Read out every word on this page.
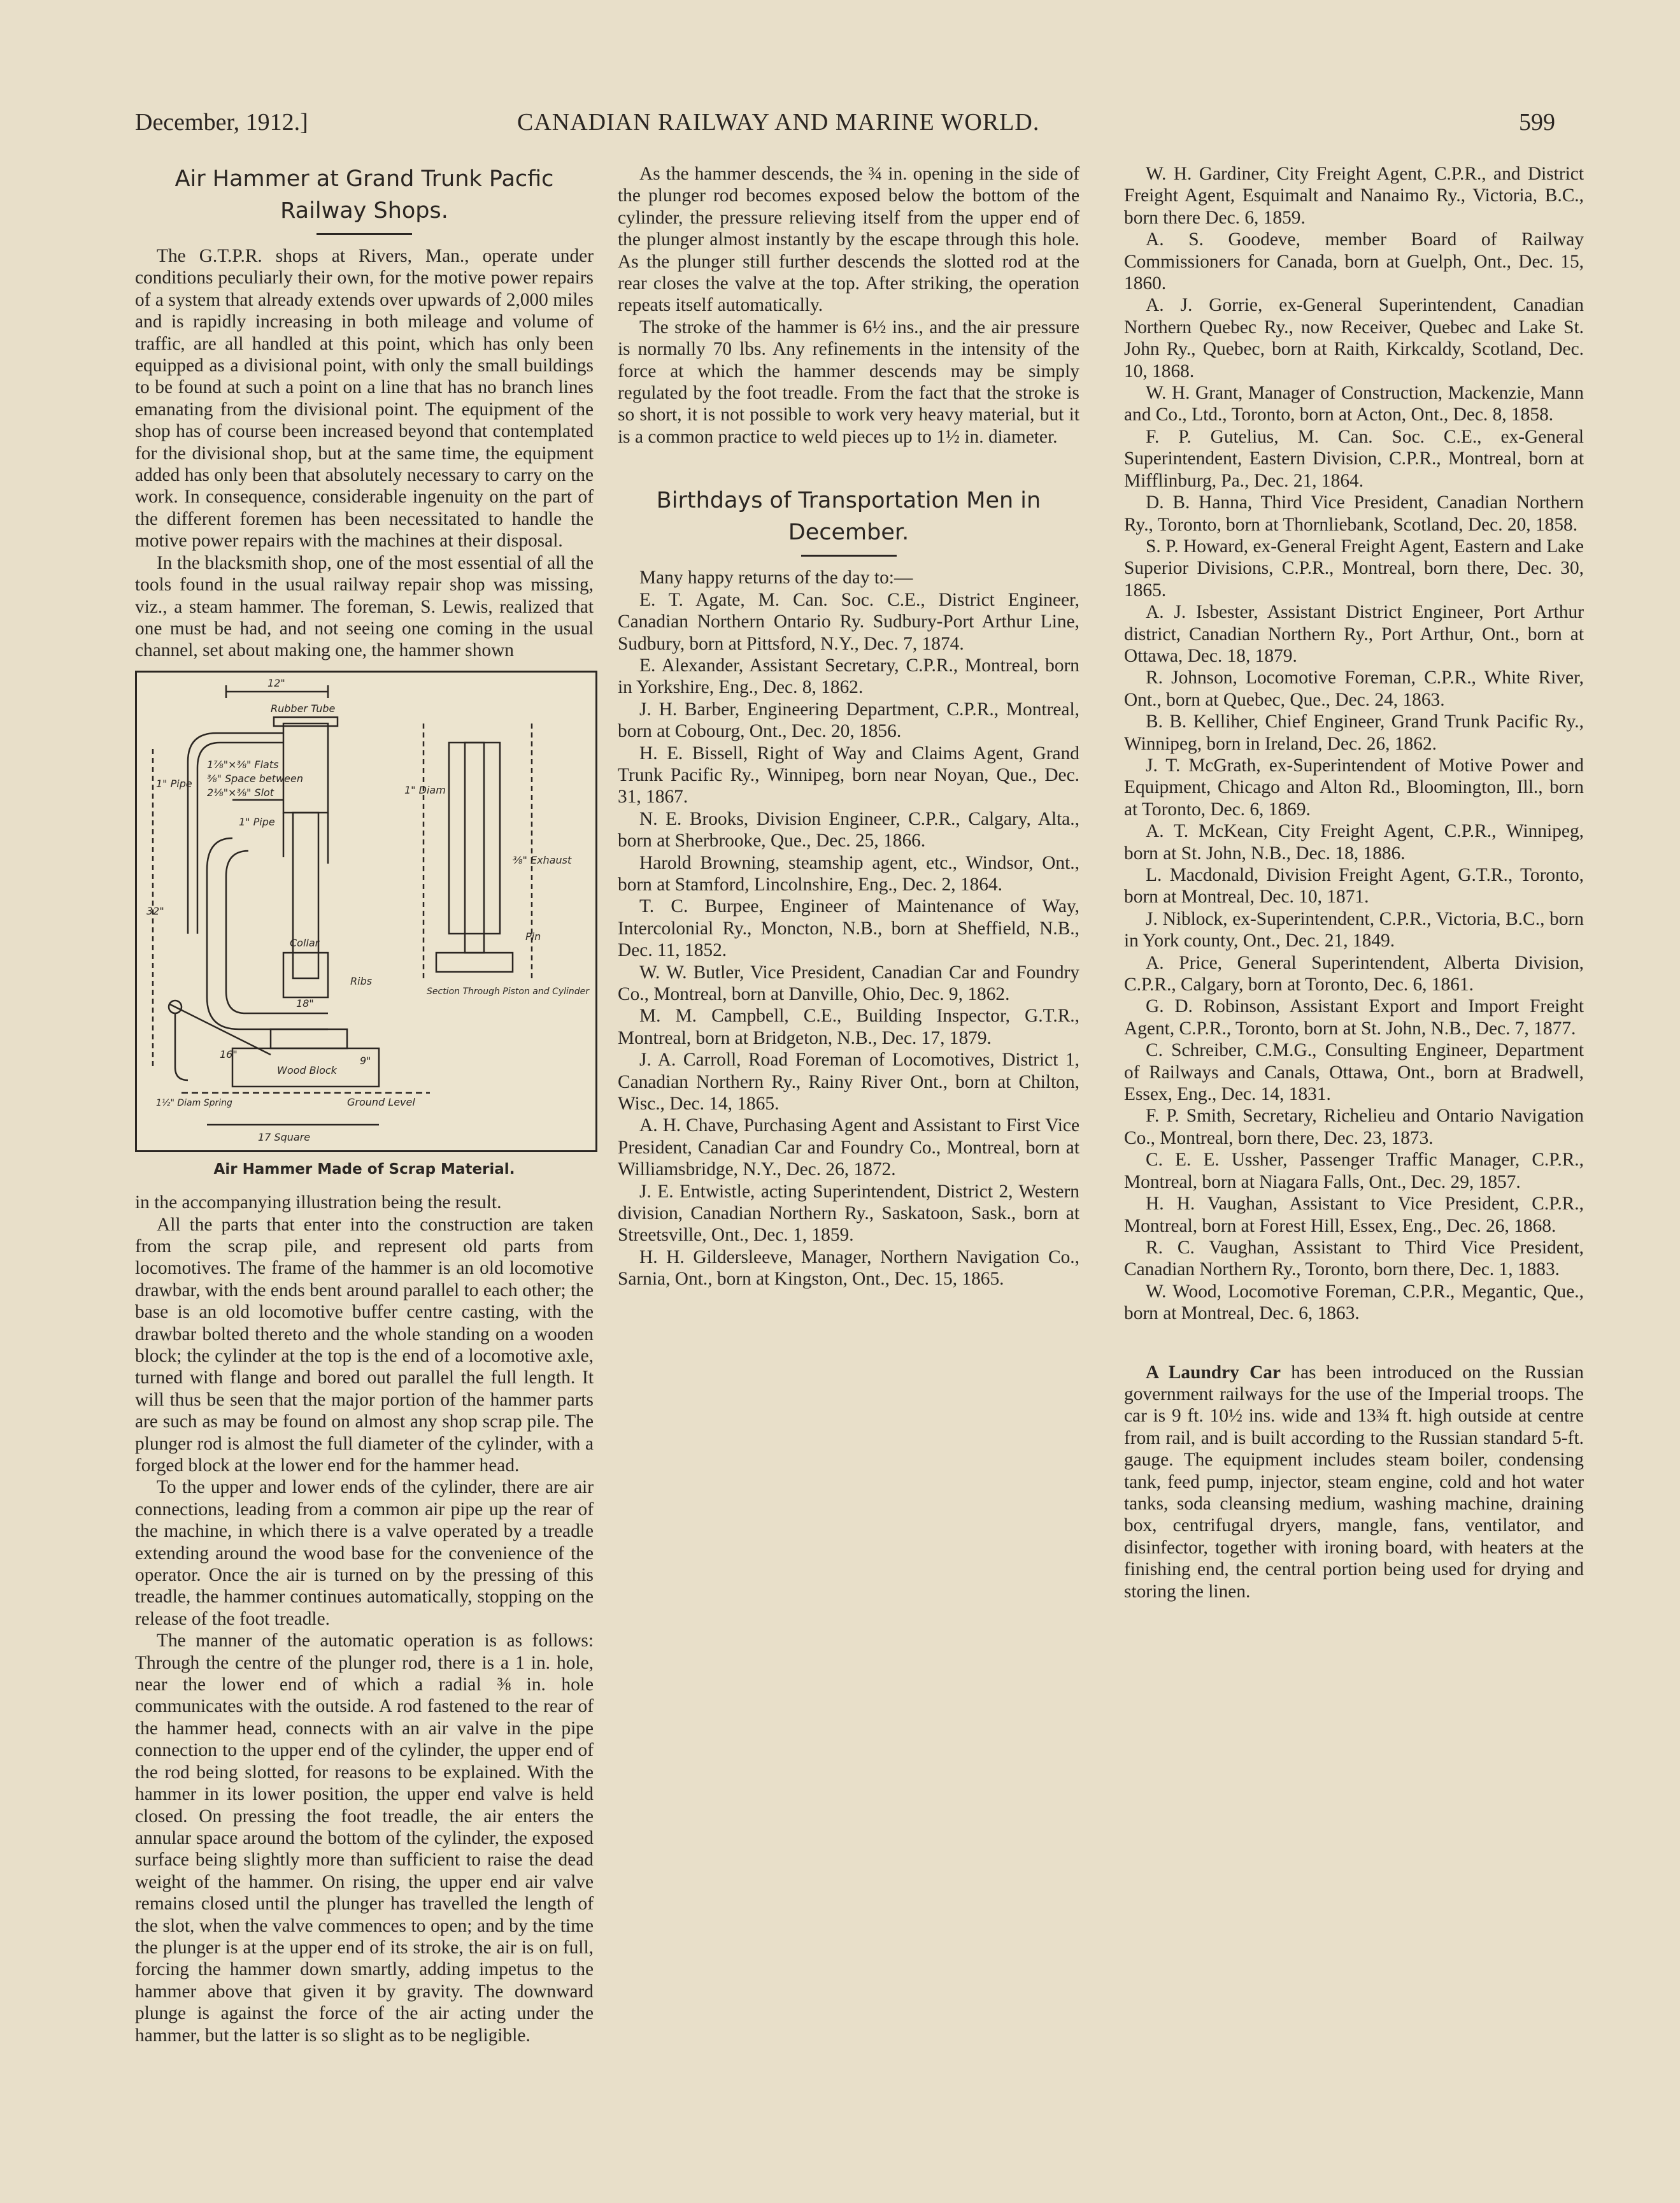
December, 1912.]	CANADIAN RAILWAY AND MARINE WORLD.	599
Air Hammer at Grand Trunk Pacfic
Railway Shops.

The G.T.P.R. shops at Rivers, Man., operate under conditions peculiarly their own, for the motive power repairs of a system that already extends over upwards of 2,000 miles and is rapidly increasing in both mileage and volume of traffic, are all handled at this point, which has only been equipped as a divisional point, with only the small buildings to be found at such a point on a line that has no branch lines emanating from the divisional point. The equipment of the shop has of course been increased beyond that contemplated for the divisional shop, but at the same time, the equipment added has only been that absolutely necessary to carry on the work. In consequence, considerable ingenuity on the part of the different foremen has been necessitated to handle the motive power repairs with the machines at their disposal.

In the blacksmith shop, one of the most essential of all the tools found in the usual railway repair shop was missing, viz., a steam hammer. The foreman, S. Lewis, realized that one must be had, and not seeing one coming in the usual channel, set about making one, the hammer shown

12"
Rubber Tube
1⅞"×⅜" Flats
⅜" Space between
2⅛"×⅜" Slot
1" Pipe
1" Pipe
1" Diam
⅜" Exhaust
Pin
Collar
Ribs
Section Through Piston and Cylinder
1½" Diam Spring
Wood Block
Ground Level
17 Square
18"
32"
9"
16"
Air Hammer Made of Scrap Material.

in the accompanying illustration being the result.

All the parts that enter into the construction are taken from the scrap pile, and represent old parts from locomotives. The frame of the hammer is an old locomotive drawbar, with the ends bent around parallel to each other; the base is an old locomotive buffer centre casting, with the drawbar bolted thereto and the whole standing on a wooden block; the cylinder at the top is the end of a locomotive axle, turned with flange and bored out parallel the full length. It will thus be seen that the major portion of the hammer parts are such as may be found on almost any shop scrap pile. The plunger rod is almost the full diameter of the cylinder, with a forged block at the lower end for the hammer head.

To the upper and lower ends of the cylinder, there are air connections, leading from a common air pipe up the rear of the machine, in which there is a valve operated by a treadle extending around the wood base for the convenience of the operator. Once the air is turned on by the pressing of this treadle, the hammer continues automatically, stopping on the release of the foot treadle.

The manner of the automatic operation is as follows: Through the centre of the plunger rod, there is a 1 in. hole, near the lower end of which a radial ⅜ in. hole communicates with the outside. A rod fastened to the rear of the hammer head, connects with an air valve in the pipe connection to the upper end of the cylinder, the upper end of the rod being slotted, for reasons to be explained. With the hammer in its lower position, the upper end valve is held closed. On pressing the foot treadle, the air enters the annular space around the bottom of the cylinder, the exposed surface being slightly more than sufficient to raise the dead weight of the hammer. On rising, the upper end air valve remains closed until the plunger has travelled the length of the slot, when the valve commences to open; and by the time the plunger is at the upper end of its stroke, the air is on full, forcing the hammer down smartly, adding impetus to the hammer above that given it by gravity. The downward plunge is against the force of the air acting under the hammer, but the latter is so slight as to be negligible.

As the hammer descends, the ¾ in. opening in the side of the plunger rod becomes exposed below the bottom of the cylinder, the pressure relieving itself from the upper end of the plunger almost instantly by the escape through this hole. As the plunger still further descends the slotted rod at the rear closes the valve at the top. After striking, the operation repeats itself automatically.

The stroke of the hammer is 6½ ins., and the air pressure is normally 70 lbs. Any refinements in the intensity of the force at which the hammer descends may be simply regulated by the foot treadle. From the fact that the stroke is so short, it is not possible to work very heavy material, but it is a common practice to weld pieces up to 1½ in. diameter.

Birthdays of Transportation Men in
December.

Many happy returns of the day to:—

E. T. Agate, M. Can. Soc. C.E., District Engineer, Canadian Northern Ontario Ry. Sudbury-Port Arthur Line, Sudbury, born at Pittsford, N.Y., Dec. 7, 1874.

E. Alexander, Assistant Secretary, C.P.R., Montreal, born in Yorkshire, Eng., Dec. 8, 1862.

J. H. Barber, Engineering Department, C.P.R., Montreal, born at Cobourg, Ont., Dec. 20, 1856.

H. E. Bissell, Right of Way and Claims Agent, Grand Trunk Pacific Ry., Winnipeg, born near Noyan, Que., Dec. 31, 1867.

N. E. Brooks, Division Engineer, C.P.R., Calgary, Alta., born at Sherbrooke, Que., Dec. 25, 1866.

Harold Browning, steamship agent, etc., Windsor, Ont., born at Stamford, Lincolnshire, Eng., Dec. 2, 1864.

T. C. Burpee, Engineer of Maintenance of Way, Intercolonial Ry., Moncton, N.B., born at Sheffield, N.B., Dec. 11, 1852.

W. W. Butler, Vice President, Canadian Car and Foundry Co., Montreal, born at Danville, Ohio, Dec. 9, 1862.

M. M. Campbell, C.E., Building Inspector, G.T.R., Montreal, born at Bridgeton, N.B., Dec. 17, 1879.

J. A. Carroll, Road Foreman of Locomotives, District 1, Canadian Northern Ry., Rainy River Ont., born at Chilton, Wisc., Dec. 14, 1865.

A. H. Chave, Purchasing Agent and Assistant to First Vice President, Canadian Car and Foundry Co., Montreal, born at Williamsbridge, N.Y., Dec. 26, 1872.

J. E. Entwistle, acting Superintendent, District 2, Western division, Canadian Northern Ry., Saskatoon, Sask., born at Streetsville, Ont., Dec. 1, 1859.

H. H. Gildersleeve, Manager, Northern Navigation Co., Sarnia, Ont., born at Kingston, Ont., Dec. 15, 1865.

W. H. Gardiner, City Freight Agent, C.P.R., and District Freight Agent, Esquimalt and Nanaimo Ry., Victoria, B.C., born there Dec. 6, 1859.

A. S. Goodeve, member Board of Railway Commissioners for Canada, born at Guelph, Ont., Dec. 15, 1860.

A. J. Gorrie, ex-General Superintendent, Canadian Northern Quebec Ry., now Receiver, Quebec and Lake St. John Ry., Quebec, born at Raith, Kirkcaldy, Scotland, Dec. 10, 1868.

W. H. Grant, Manager of Construction, Mackenzie, Mann and Co., Ltd., Toronto, born at Acton, Ont., Dec. 8, 1858.

F. P. Gutelius, M. Can. Soc. C.E., ex-General Superintendent, Eastern Division, C.P.R., Montreal, born at Mifflinburg, Pa., Dec. 21, 1864.

D. B. Hanna, Third Vice President, Canadian Northern Ry., Toronto, born at Thornliebank, Scotland, Dec. 20, 1858.

S. P. Howard, ex-General Freight Agent, Eastern and Lake Superior Divisions, C.P.R., Montreal, born there, Dec. 30, 1865.

A. J. Isbester, Assistant District Engineer, Port Arthur district, Canadian Northern Ry., Port Arthur, Ont., born at Ottawa, Dec. 18, 1879.

R. Johnson, Locomotive Foreman, C.P.R., White River, Ont., born at Quebec, Que., Dec. 24, 1863.

B. B. Kelliher, Chief Engineer, Grand Trunk Pacific Ry., Winnipeg, born in Ireland, Dec. 26, 1862.

J. T. McGrath, ex-Superintendent of Motive Power and Equipment, Chicago and Alton Rd., Bloomington, Ill., born at Toronto, Dec. 6, 1869.

A. T. McKean, City Freight Agent, C.P.R., Winnipeg, born at St. John, N.B., Dec. 18, 1886.

L. Macdonald, Division Freight Agent, G.T.R., Toronto, born at Montreal, Dec. 10, 1871.

J. Niblock, ex-Superintendent, C.P.R., Victoria, B.C., born in York county, Ont., Dec. 21, 1849.

A. Price, General Superintendent, Alberta Division, C.P.R., Calgary, born at Toronto, Dec. 6, 1861.

G. D. Robinson, Assistant Export and Import Freight Agent, C.P.R., Toronto, born at St. John, N.B., Dec. 7, 1877.

C. Schreiber, C.M.G., Consulting Engineer, Department of Railways and Canals, Ottawa, Ont., born at Bradwell, Essex, Eng., Dec. 14, 1831.

F. P. Smith, Secretary, Richelieu and Ontario Navigation Co., Montreal, born there, Dec. 23, 1873.

C. E. E. Ussher, Passenger Traffic Manager, C.P.R., Montreal, born at Niagara Falls, Ont., Dec. 29, 1857.

H. H. Vaughan, Assistant to Vice President, C.P.R., Montreal, born at Forest Hill, Essex, Eng., Dec. 26, 1868.

R. C. Vaughan, Assistant to Third Vice President, Canadian Northern Ry., Toronto, born there, Dec. 1, 1883.

W. Wood, Locomotive Foreman, C.P.R., Megantic, Que., born at Montreal, Dec. 6, 1863.

A Laundry Car has been introduced on the Russian government railways for the use of the Imperial troops. The car is 9 ft. 10½ ins. wide and 13¾ ft. high outside at centre from rail, and is built according to the Russian standard 5-ft. gauge. The equipment includes steam boiler, condensing tank, feed pump, injector, steam engine, cold and hot water tanks, soda cleansing medium, washing machine, draining box, centrifugal dryers, mangle, fans, ventilator, and disinfector, together with ironing board, with heaters at the finishing end, the central portion being used for drying and storing the linen.
